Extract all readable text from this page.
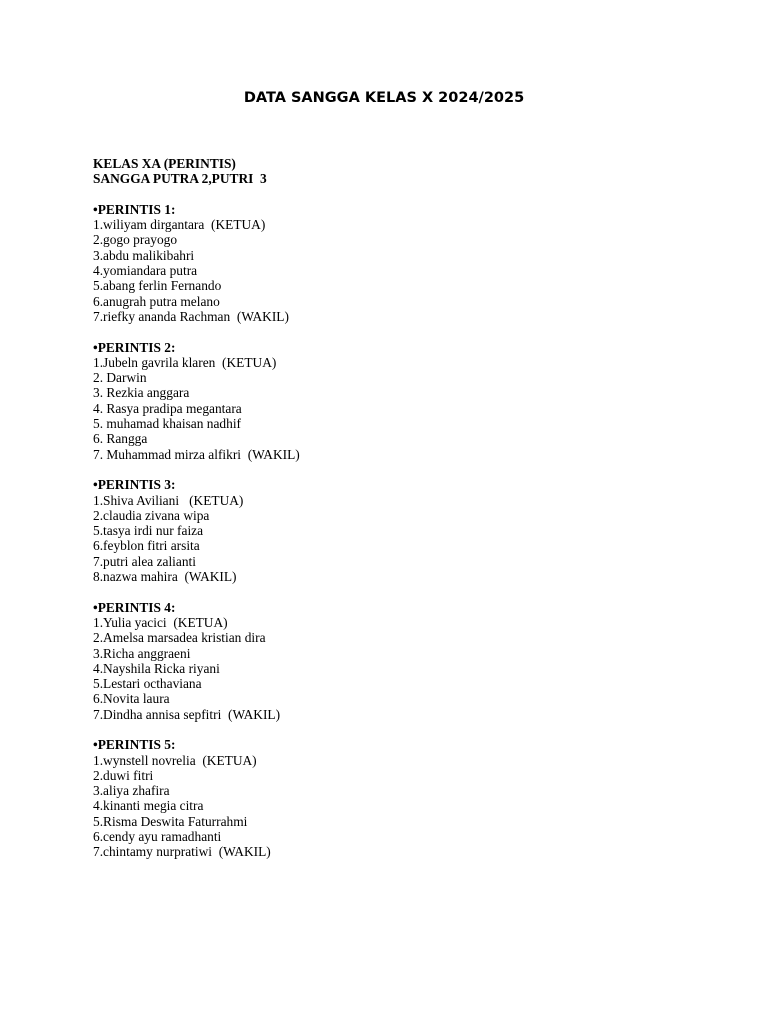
DATA SANGGA KELAS X 2024/2025
KELAS XA (PERINTIS)
SANGGA PUTRA 2,PUTRI  3
•PERINTIS 1:
1.wiliyam dirgantara  (KETUA)
2.gogo prayogo
3.abdu malikibahri
4.yomiandara putra
5.abang ferlin Fernando
6.anugrah putra melano
7.riefky ananda Rachman  (WAKIL)
•PERINTIS 2:
1.Jubeln gavrila klaren  (KETUA)
2. Darwin
3. Rezkia anggara
4. Rasya pradipa megantara
5. muhamad khaisan nadhif
6. Rangga
7. Muhammad mirza alfikri  (WAKIL)
•PERINTIS 3:
1.Shiva Aviliani   (KETUA)
2.claudia zivana wipa
5.tasya irdi nur faiza
6.feyblon fitri arsita
7.putri alea zalianti
8.nazwa mahira  (WAKIL)
•PERINTIS 4:
1.Yulia yacici  (KETUA)
2.Amelsa marsadea kristian dira
3.Richa anggraeni
4.Nayshila Ricka riyani
5.Lestari octhaviana
6.Novita laura
7.Dindha annisa sepfitri  (WAKIL)
•PERINTIS 5:
1.wynstell novrelia  (KETUA)
2.duwi fitri
3.aliya zhafira
4.kinanti megia citra
5.Risma Deswita Faturrahmi
6.cendy ayu ramadhanti
7.chintamy nurpratiwi  (WAKIL)
